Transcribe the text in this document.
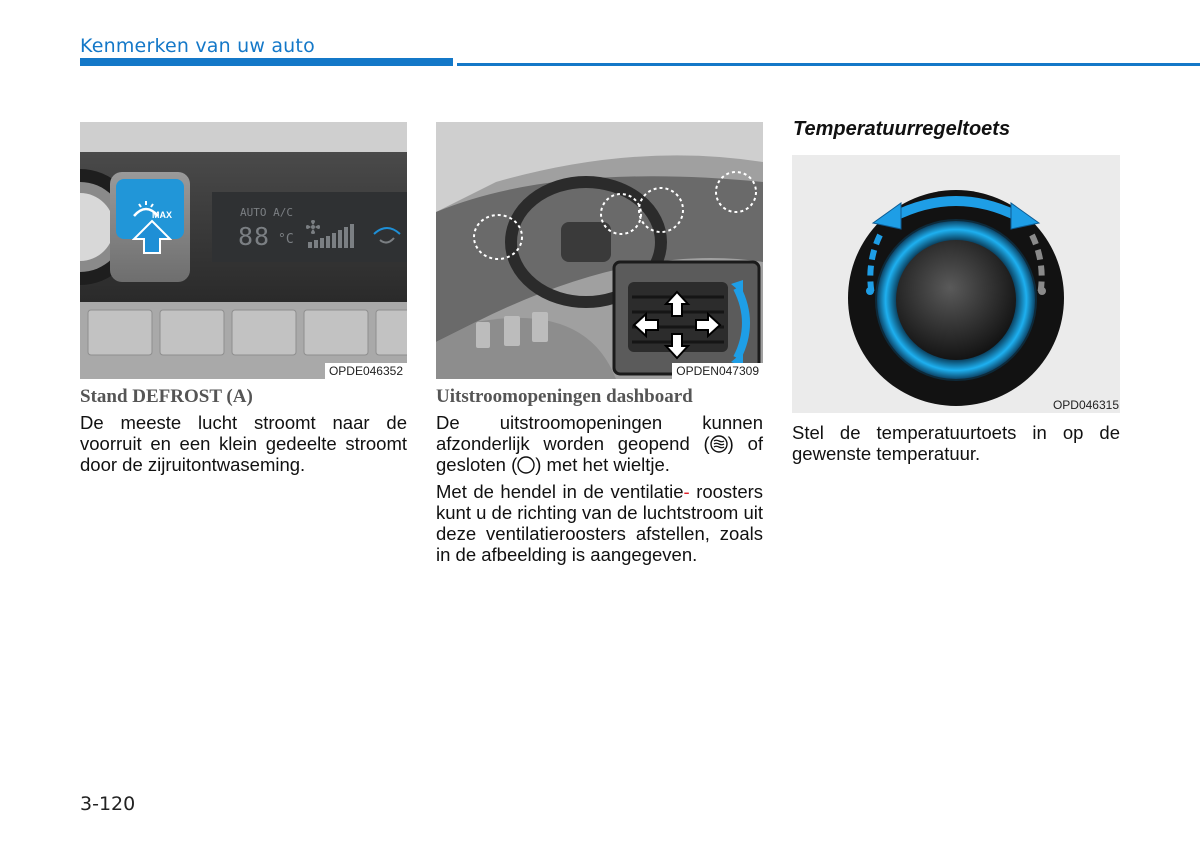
Kenmerken van uw auto
MAX	AUTO A/C
88 °C
OPDE046352
Stand DEFROST (A)

De meeste lucht stroomt naar de voorruit en een klein gedeelte stroomt door de zijruitontwaseming.

OPDEN047309
Uitstroomopeningen dashboard

De uitstroomopeningen kunnen afzonderlijk worden geopend ( ) of gesloten ( ) met het wieltje.

Met de hendel in de ventilatie- roosters kunt u de richting van de luchtstroom uit deze ventilatieroosters afstellen, zoals in de afbeelding is aangegeven.

Temperatuurregeltoets
OPD046315

Stel de temperatuurtoets in op de gewenste temperatuur.

3-120
